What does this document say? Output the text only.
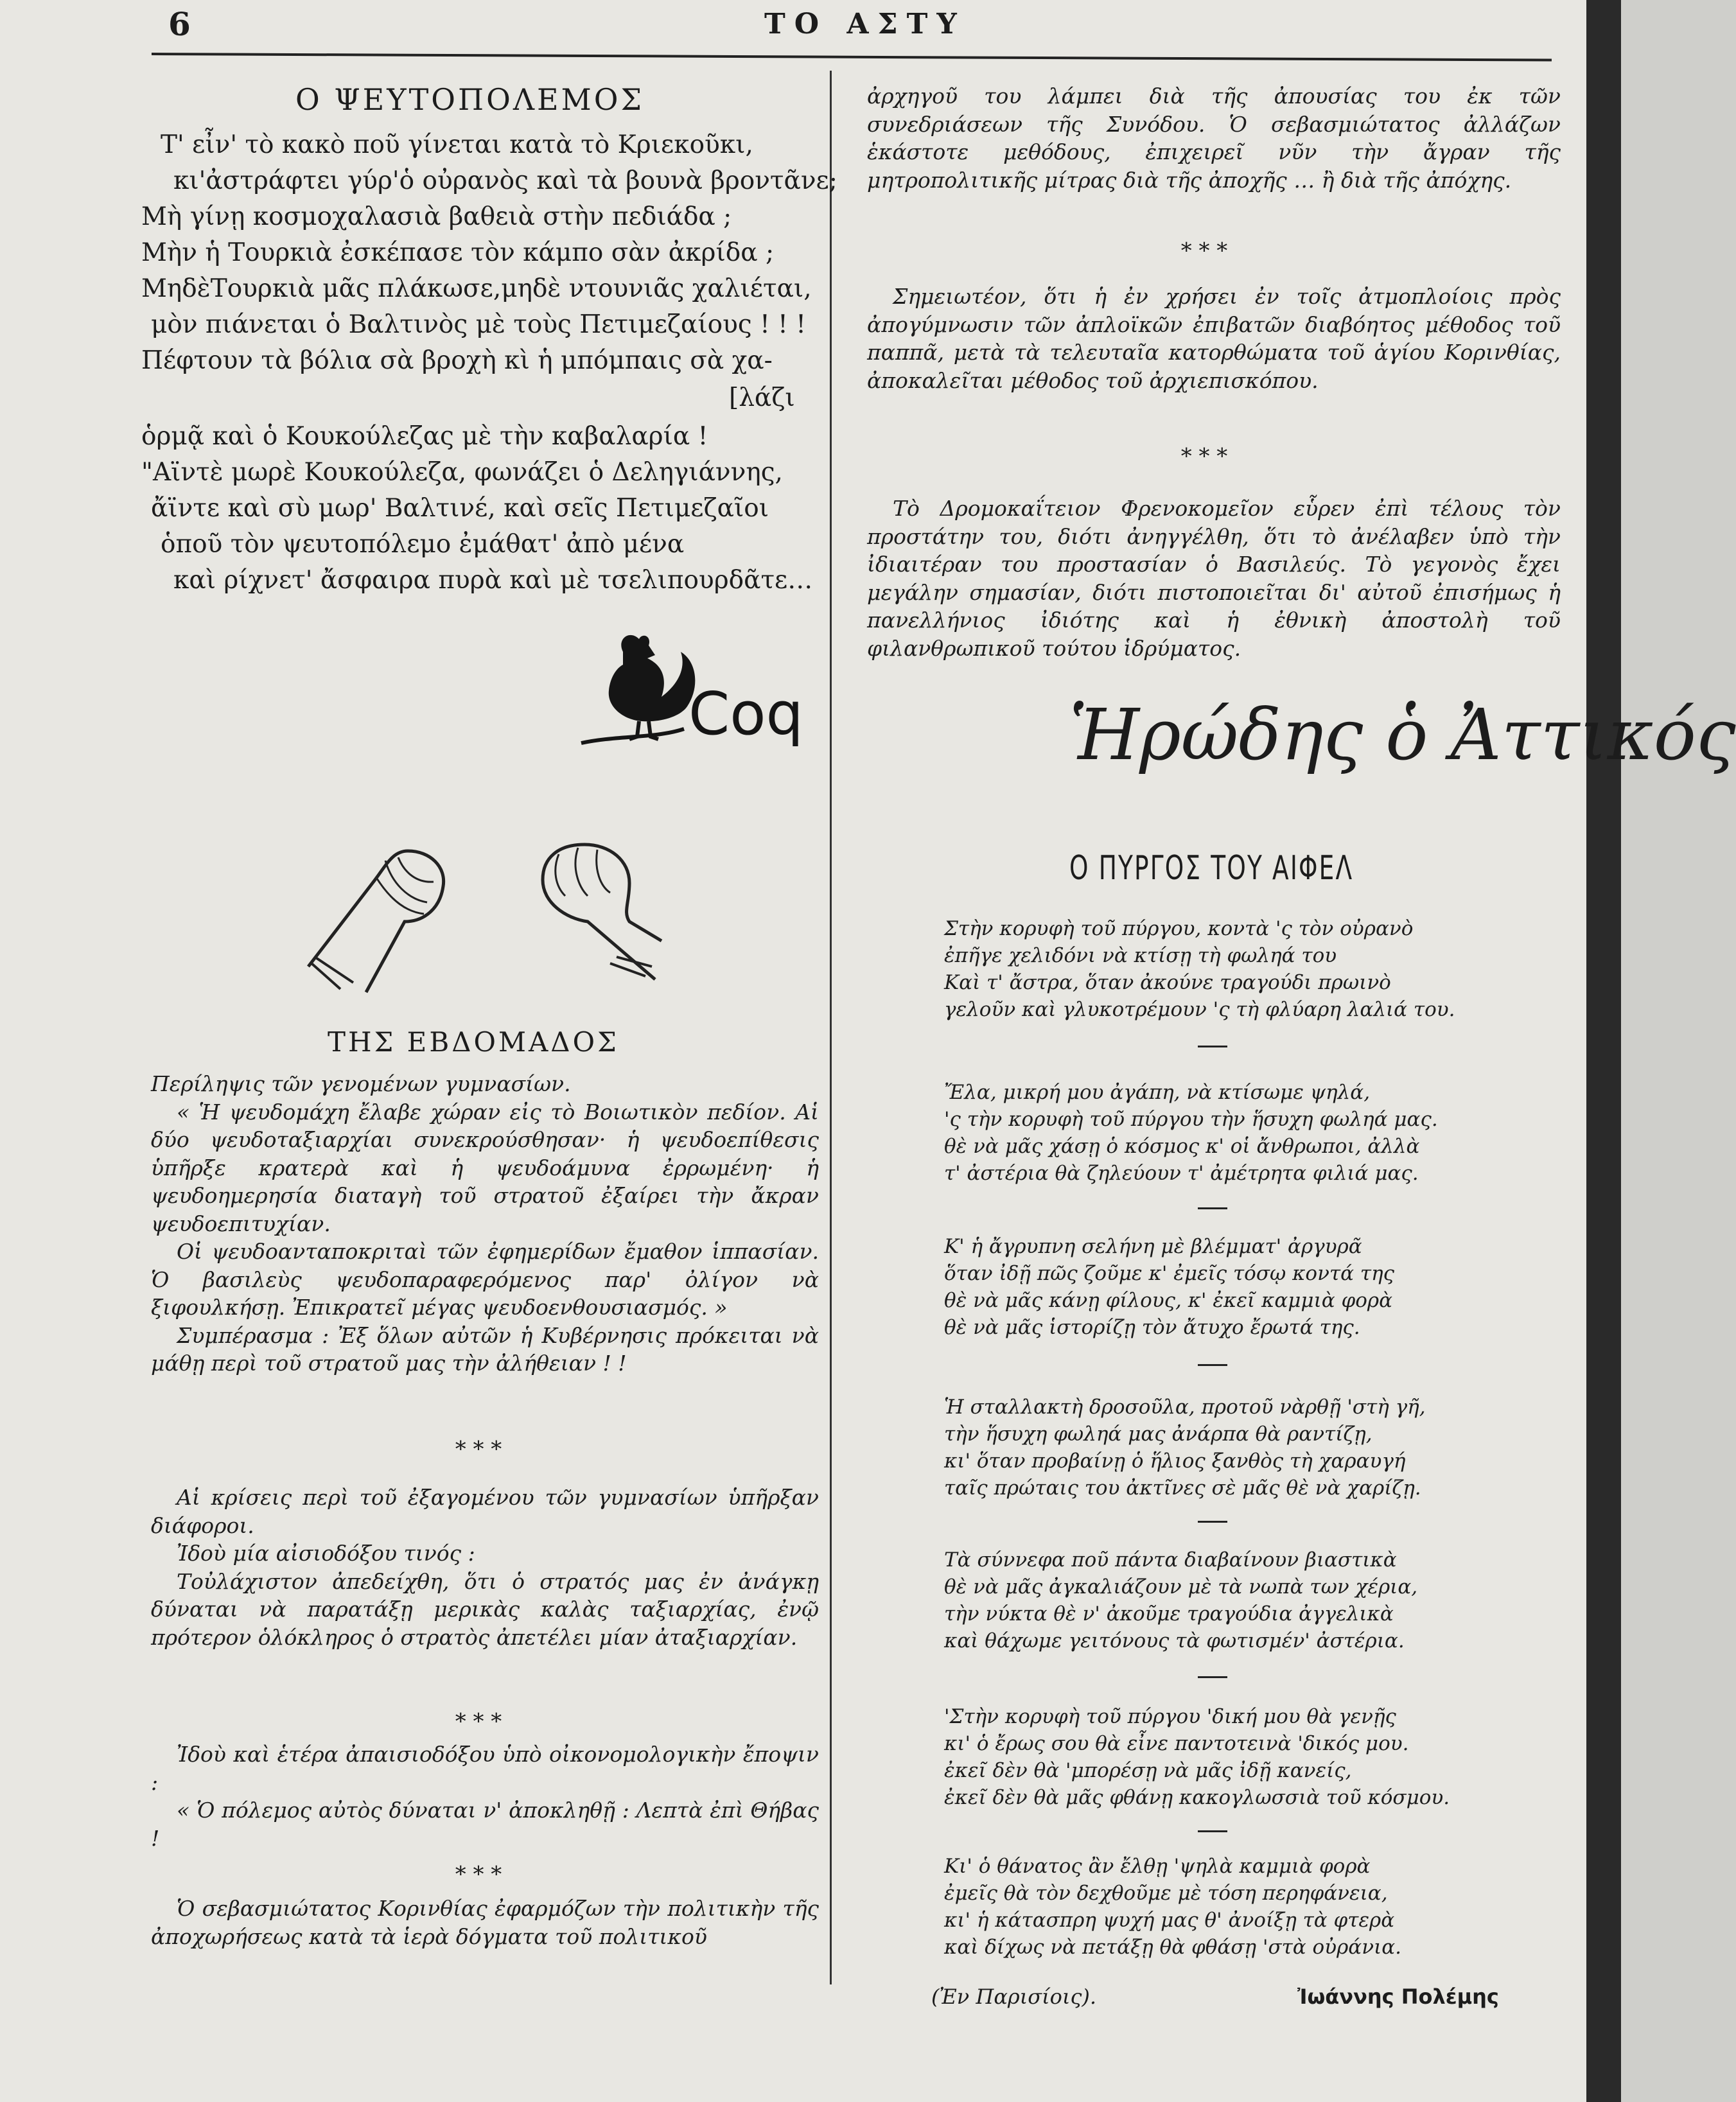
6	ΤΟ ΑΣΤΥ
Ο ΨΕΥΤΟΠΟΛΕΜΟΣ
Τ' εἶν' τὸ κακὸ ποῦ γίνεται κατὰ τὸ Κριεκοῦκι,
κι'ἀστράφτει γύρ'ὁ οὐρανὸς καὶ τὰ βουνὰ βροντᾶνε;
Μὴ γίνῃ κοσμοχαλασιὰ βαθειὰ στὴν πεδιάδα ;
Μὴν ἡ Τουρκιὰ ἐσκέπασε τὸν κάμπο σὰν ἀκρίδα ;
ΜηδὲΤουρκιὰ μᾶς πλάκωσε,μηδὲ ντουνιᾶς χαλιέται,
μὸν πιάνεται ὁ Βαλτινὸς μὲ τοὺς Πετιμεζαίους ! ! !
Πέφτουν τὰ βόλια σὰ βροχὴ κὶ ἡ μπόμπαις σὰ χα-
[λάζι
ὁρμᾷ καὶ ὁ Κουκούλεζας μὲ τὴν καβαλαρία !
"Αϊντὲ μωρὲ Κουκούλεζα, φωνάζει ὁ Δεληγιάννης,
ἄϊντε καὶ σὺ μωρ' Βαλτινέ, καὶ σεῖς Πετιμεζαῖοι
ὁποῦ τὸν ψευτοπόλεμο ἐμάθατ' ἀπὸ μένα
καὶ ρίχνετ' ἄσφαιρα πυρὰ καὶ μὲ τσελιπουρδᾶτε…
Coq
ΤΗΣ ΕΒΔΟΜΑΔΟΣ

Περίληψις τῶν γενομένων γυμνασίων.

« Ἡ ψευδομάχη ἔλαβε χώραν εἰς τὸ Βοιωτικὸν πεδίον. Αἱ δύο ψευδοταξιαρχίαι συνεκρούσθησαν· ἡ ψευδοεπίθεσις ὑπῆρξε κρατερὰ καὶ ἡ ψευδοάμυνα ἐρρωμένη· ἡ ψευδοημερησία διαταγὴ τοῦ στρατοῦ ἐξαίρει τὴν ἄκραν ψευδοεπιτυχίαν.

Οἱ ψευδοανταποκριταὶ τῶν ἐφημερίδων ἔμαθον ἱππασίαν. Ὁ βασιλεὺς ψευδοπαραφερόμενος παρ' ὀλίγον νὰ ξιφουλκήσῃ. Ἐπικρατεῖ μέγας ψευδοενθουσιασμός. »

Συμπέρασμα : Ἐξ ὅλων αὐτῶν ἡ Κυβέρνησις πρόκειται νὰ μάθῃ περὶ τοῦ στρατοῦ μας τὴν ἀλήθειαν ! !

⁎ ⁎ ⁎

Αἱ κρίσεις περὶ τοῦ ἐξαγομένου τῶν γυμνασίων ὑπῆρξαν διάφοροι.

Ἰδοὺ μία αἰσιοδόξου τινός :

Τοὐλάχιστον ἀπεδείχθη, ὅτι ὁ στρατός μας ἐν ἀνάγκῃ δύναται νὰ παρατάξῃ μερικὰς καλὰς ταξιαρχίας, ἐνῷ πρότερον ὁλόκληρος ὁ στρατὸς ἀπετέλει μίαν ἀταξιαρχίαν.

⁎ ⁎ ⁎

Ἰδοὺ καὶ ἑτέρα ἀπαισιοδόξου ὑπὸ οἰκονομολογικὴν ἔποψιν :

« Ὁ πόλεμος αὐτὸς δύναται ν' ἀποκληθῇ : Λεπτὰ ἐπὶ Θήβας !

⁎ ⁎ ⁎

Ὁ σεβασμιώτατος Κορινθίας ἐφαρμόζων τὴν πολιτικὴν τῆς ἀποχωρήσεως κατὰ τὰ ἱερὰ δόγματα τοῦ πολιτικοῦ

ἀρχηγοῦ του λάμπει διὰ τῆς ἀπουσίας του ἐκ τῶν συνεδριάσεων τῆς Συνόδου. Ὁ σεβασμιώτατος ἀλλάζων ἑκάστοτε μεθόδους, ἐπιχειρεῖ νῦν τὴν ἄγραν τῆς μητροπολιτικῆς μίτρας διὰ τῆς ἀποχῆς … ἢ διὰ τῆς ἀπόχης.
⁎ ⁎ ⁎
Σημειωτέον, ὅτι ἡ ἐν χρήσει ἐν τοῖς ἀτμοπλοίοις πρὸς ἀπογύμνωσιν τῶν ἀπλοϊκῶν ἐπιβατῶν διαβόητος μέθοδος τοῦ παππᾶ, μετὰ τὰ τελευταῖα κατορθώματα τοῦ ἁγίου Κορινθίας, ἀποκαλεῖται μέθοδος τοῦ ἀρχιεπισκόπου.
⁎ ⁎ ⁎
Τὸ Δρομοκαΐτειον Φρενοκομεῖον εὗρεν ἐπὶ τέλους τὸν προστάτην του, διότι ἀνηγγέλθη, ὅτι τὸ ἀνέλαβεν ὑπὸ τὴν ἰδιαιτέραν του προστασίαν ὁ Βασιλεύς. Τὸ γεγονὸς ἔχει μεγάλην σημασίαν, διότι πιστοποιεῖται δι' αὐτοῦ ἐπισήμως ἡ πανελλήνιος ἰδιότης καὶ ἡ ἐθνικὴ ἀποστολὴ τοῦ φιλανθρωπικοῦ τούτου ἱδρύματος.
Ἡρώδης ὁ Ἀττικός
Ο ΠΥΡΓΟΣ ΤΟΥ ΑΙΦΕΛ
Στὴν κορυφὴ τοῦ πύργου, κοντὰ 'ς τὸν οὐρανὸ
ἐπῆγε χελιδόνι νὰ κτίσῃ τὴ φωληά του
Καὶ τ' ἄστρα, ὅταν ἀκούνε τραγούδι πρωινὸ
γελοῦν καὶ γλυκοτρέμουν 'ς τὴ φλύαρη λαλιά του.
Ἔλα, μικρή μου ἀγάπη, νὰ κτίσωμε ψηλά,
'ς τὴν κορυφὴ τοῦ πύργου τὴν ἥσυχη φωληά μας.
θὲ νὰ μᾶς χάσῃ ὁ κόσμος κ' οἱ ἄνθρωποι, ἀλλὰ
τ' ἀστέρια θὰ ζηλεύουν τ' ἀμέτρητα φιλιά μας.
Κ' ἡ ἄγρυπνη σελήνη μὲ βλέμματ' ἀργυρᾶ
ὅταν ἰδῇ πῶς ζοῦμε κ' ἐμεῖς τόσῳ κοντά της
θὲ νὰ μᾶς κάνῃ φίλους, κ' ἐκεῖ καμμιὰ φορὰ
θὲ νὰ μᾶς ἱστορίζῃ τὸν ἄτυχο ἔρωτά της.
Ἡ σταλλακτὴ δροσοῦλα, προτοῦ νὰρθῇ 'στὴ γῆ,
τὴν ἥσυχη φωληά μας ἀνάρπα θὰ ραντίζῃ,
κι' ὅταν προβαίνῃ ὁ ἥλιος ξανθὸς τὴ χαραυγή
ταῖς πρώταις του ἀκτῖνες σὲ μᾶς θὲ νὰ χαρίζῃ.
Τὰ σύννεφα ποῦ πάντα διαβαίνουν βιαστικὰ
θὲ νὰ μᾶς ἀγκαλιάζουν μὲ τὰ νωπὰ των χέρια,
τὴν νύκτα θὲ ν' ἀκοῦμε τραγούδια ἀγγελικὰ
καὶ θάχωμε γειτόνους τὰ φωτισμέν' ἀστέρια.
'Στὴν κορυφὴ τοῦ πύργου 'δική μου θὰ γενῇς
κι' ὁ ἔρως σου θὰ εἶνε παντοτεινὰ 'δικός μου.
ἐκεῖ δὲν θὰ 'μπορέσῃ νὰ μᾶς ἰδῇ κανείς,
ἐκεῖ δὲν θὰ μᾶς φθάνῃ κακογλωσσιὰ τοῦ κόσμου.
Κι' ὁ θάνατος ἂν ἔλθῃ 'ψηλὰ καμμιὰ φορὰ
ἐμεῖς θὰ τὸν δεχθοῦμε μὲ τόση περηφάνεια,
κι' ἡ κάτασπρη ψυχή μας θ' ἀνοίξῃ τὰ φτερὰ
καὶ δίχως νὰ πετάξῃ θὰ φθάσῃ 'στὰ οὐράνια.
(Ἐν Παρισίοις).	Ἰωάννης Πολέμης
